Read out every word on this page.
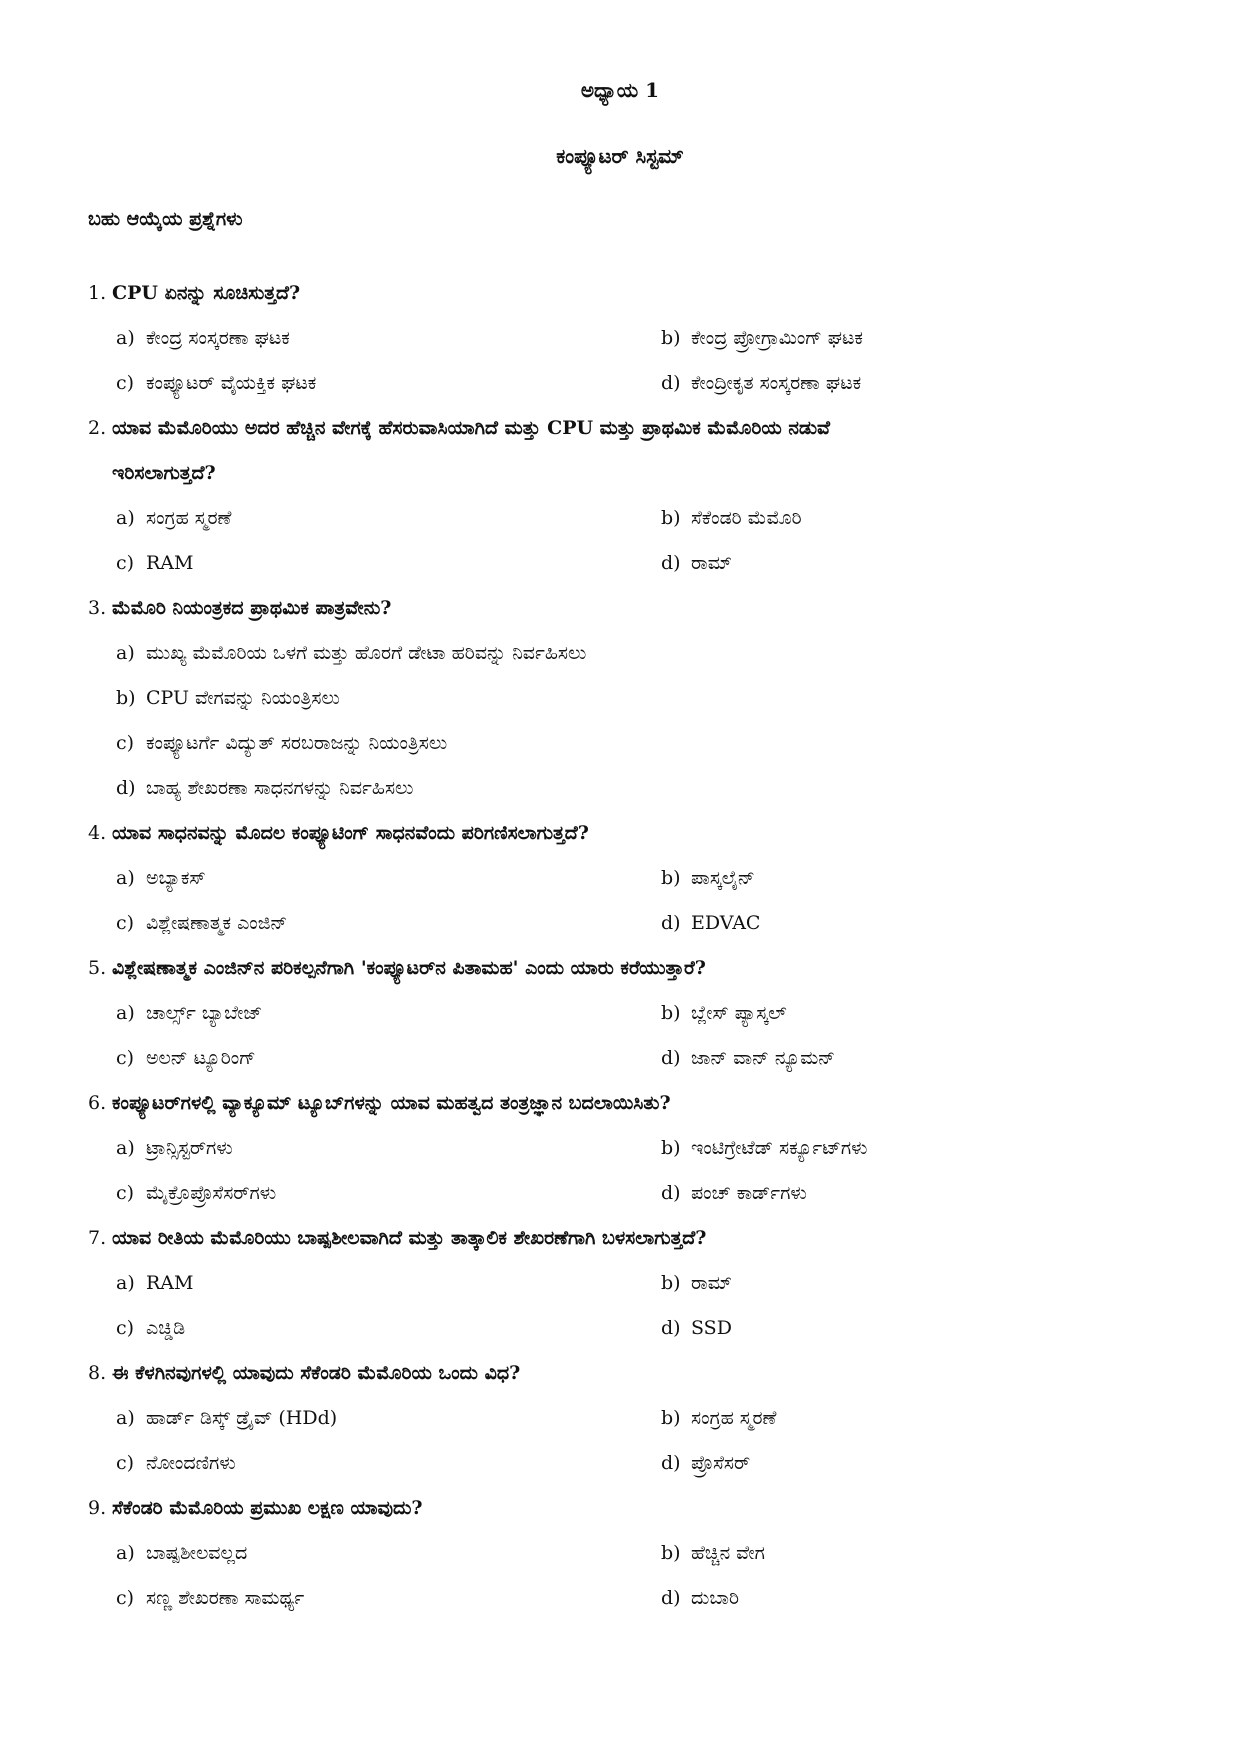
ಅಧ್ಯಾಯ 1
ಕಂಪ್ಯೂಟರ್ ಸಿಸ್ಟಮ್
ಬಹು ಆಯ್ಕೆಯ ಪ್ರಶ್ನೆಗಳು
1. CPU ಏನನ್ನು ಸೂಚಿಸುತ್ತದೆ?
a) ಕೇಂದ್ರ ಸಂಸ್ಕರಣಾ ಘಟಕ	b) ಕೇಂದ್ರ ಪ್ರೋಗ್ರಾಮಿಂಗ್ ಘಟಕ
c) ಕಂಪ್ಯೂಟರ್ ವೈಯಕ್ತಿಕ ಘಟಕ	d) ಕೇಂದ್ರೀಕೃತ ಸಂಸ್ಕರಣಾ ಘಟಕ
2. ಯಾವ ಮೆಮೊರಿಯು ಅದರ ಹೆಚ್ಚಿನ ವೇಗಕ್ಕೆ ಹೆಸರುವಾಸಿಯಾಗಿದೆ ಮತ್ತು CPU ಮತ್ತು ಪ್ರಾಥಮಿಕ ಮೆಮೊರಿಯ ನಡುವೆ
ಇರಿಸಲಾಗುತ್ತದೆ?
a) ಸಂಗ್ರಹ ಸ್ಮರಣೆ	b) ಸೆಕೆಂಡರಿ ಮೆಮೊರಿ
c) RAM	d) ರಾಮ್
3. ಮೆಮೊರಿ ನಿಯಂತ್ರಕದ ಪ್ರಾಥಮಿಕ ಪಾತ್ರವೇನು?
a) ಮುಖ್ಯ ಮೆಮೊರಿಯ ಒಳಗೆ ಮತ್ತು ಹೊರಗೆ ಡೇಟಾ ಹರಿವನ್ನು ನಿರ್ವಹಿಸಲು
b) CPU ವೇಗವನ್ನು ನಿಯಂತ್ರಿಸಲು
c) ಕಂಪ್ಯೂಟರ್ಗೆ ವಿದ್ಯುತ್ ಸರಬರಾಜನ್ನು ನಿಯಂತ್ರಿಸಲು
d) ಬಾಹ್ಯ ಶೇಖರಣಾ ಸಾಧನಗಳನ್ನು ನಿರ್ವಹಿಸಲು
4. ಯಾವ ಸಾಧನವನ್ನು ಮೊದಲ ಕಂಪ್ಯೂಟಿಂಗ್ ಸಾಧನವೆಂದು ಪರಿಗಣಿಸಲಾಗುತ್ತದೆ?
a) ಅಬ್ಯಾಕಸ್	b) ಪಾಸ್ಕಲೈನ್
c) ವಿಶ್ಲೇಷಣಾತ್ಮಕ ಎಂಜಿನ್	d) EDVAC
5. ವಿಶ್ಲೇಷಣಾತ್ಮಕ ಎಂಜಿನ್‌ನ ಪರಿಕಲ್ಪನೆಗಾಗಿ 'ಕಂಪ್ಯೂಟರ್‌ನ ಪಿತಾಮಹ' ಎಂದು ಯಾರು ಕರೆಯುತ್ತಾರೆ?
a) ಚಾರ್ಲ್ಸ್ ಬ್ಯಾಬೇಜ್	b) ಬ್ಲೇಸ್ ಪ್ಯಾಸ್ಕಲ್
c) ಅಲನ್ ಟ್ಯೂರಿಂಗ್	d) ಜಾನ್ ವಾನ್ ನ್ಯೂಮನ್
6. ಕಂಪ್ಯೂಟರ್‌ಗಳಲ್ಲಿ ವ್ಯಾಕ್ಯೂಮ್ ಟ್ಯೂಬ್‌ಗಳನ್ನು ಯಾವ ಮಹತ್ವದ ತಂತ್ರಜ್ಞಾನ ಬದಲಾಯಿಸಿತು?
a) ಟ್ರಾನ್ಸಿಸ್ಟರ್‌ಗಳು	b) ಇಂಟಿಗ್ರೇಟೆಡ್ ಸರ್ಕ್ಯೂಟ್‌ಗಳು
c) ಮೈಕ್ರೊಪ್ರೊಸೆಸರ್‌ಗಳು	d) ಪಂಚ್ ಕಾರ್ಡ್‌ಗಳು
7. ಯಾವ ರೀತಿಯ ಮೆಮೊರಿಯು ಬಾಷ್ಪಶೀಲವಾಗಿದೆ ಮತ್ತು ತಾತ್ಕಾಲಿಕ ಶೇಖರಣೆಗಾಗಿ ಬಳಸಲಾಗುತ್ತದೆ?
a) RAM	b) ರಾಮ್
c) ಎಚ್ಡಿಡಿ	d) SSD
8. ಈ ಕೆಳಗಿನವುಗಳಲ್ಲಿ ಯಾವುದು ಸೆಕೆಂಡರಿ ಮೆಮೊರಿಯ ಒಂದು ವಿಧ?
a) ಹಾರ್ಡ್ ಡಿಸ್ಕ್ ಡ್ರೈವ್ (HDd)	b) ಸಂಗ್ರಹ ಸ್ಮರಣೆ
c) ನೋಂದಣಿಗಳು	d) ಪ್ರೊಸೆಸರ್
9. ಸೆಕೆಂಡರಿ ಮೆಮೊರಿಯ ಪ್ರಮುಖ ಲಕ್ಷಣ ಯಾವುದು?
a) ಬಾಷ್ಪಶೀಲವಲ್ಲದ	b) ಹೆಚ್ಚಿನ ವೇಗ
c) ಸಣ್ಣ ಶೇಖರಣಾ ಸಾಮರ್ಥ್ಯ	d) ದುಬಾರಿ
